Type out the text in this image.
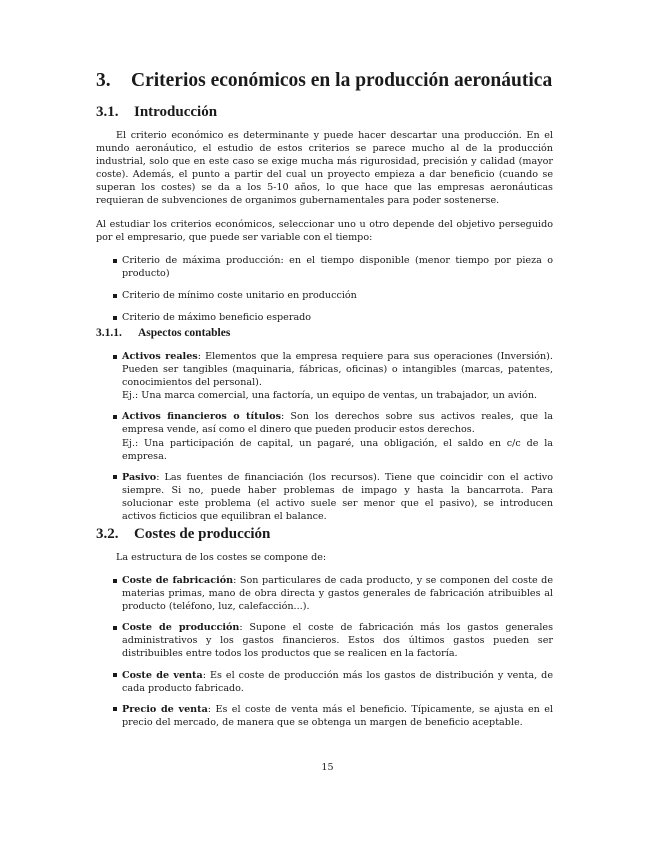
3. Criterios económicos en la producción aeronáutica
3.1. Introducción

El criterio económico es determinante y puede hacer descartar una producción. En el mundo aeronáutico, el estudio de estos criterios se parece mucho al de la producción industrial, solo que en este caso se exige mucha más rigurosidad, precisión y calidad (mayor coste). Además, el punto a partir del cual un proyecto empieza a dar beneficio (cuando se superan los costes) se da a los 5-10 años, lo que hace que las empresas aeronáuticas requieran de subvenciones de organimos gubernamentales para poder sostenerse.

Al estudiar los criterios económicos, seleccionar uno u otro depende del objetivo perseguido por el empresario, que puede ser variable con el tiempo:

Criterio de máxima producción: en el tiempo disponible (menor tiempo por pieza o producto)
Criterio de mínimo coste unitario en producción
Criterio de máximo beneficio esperado
3.1.1. Aspectos contables
Activos reales: Elementos que la empresa requiere para sus operaciones (Inversión). Pueden ser tangibles (maquinaria, fábricas, oficinas) o intangibles (marcas, patentes, conocimientos del personal).
Ej.: Una marca comercial, una factoría, un equipo de ventas, un trabajador, un avión.
Activos financieros o títulos: Son los derechos sobre sus activos reales, que la empresa vende, así como el dinero que pueden producir estos derechos.
Ej.: Una participación de capital, un pagaré, una obligación, el saldo en c/c de la empresa.
Pasivo: Las fuentes de financiación (los recursos). Tiene que coincidir con el activo siempre. Si no, puede haber problemas de impago y hasta la bancarrota. Para solucionar este problema (el activo suele ser menor que el pasivo), se introducen activos ficticios que equilibran el balance.
3.2. Costes de producción

La estructura de los costes se compone de:

Coste de fabricación: Son particulares de cada producto, y se componen del coste de materias primas, mano de obra directa y gastos generales de fabricación atribuibles al producto (teléfono, luz, calefacción...).
Coste de producción: Supone el coste de fabricación más los gastos generales administrativos y los gastos financieros. Estos dos últimos gastos pueden ser distribuibles entre todos los productos que se realicen en la factoría.
Coste de venta: Es el coste de producción más los gastos de distribución y venta, de cada producto fabricado.
Precio de venta: Es el coste de venta más el beneficio. Típicamente, se ajusta en el precio del mercado, de manera que se obtenga un margen de beneficio aceptable.
15
